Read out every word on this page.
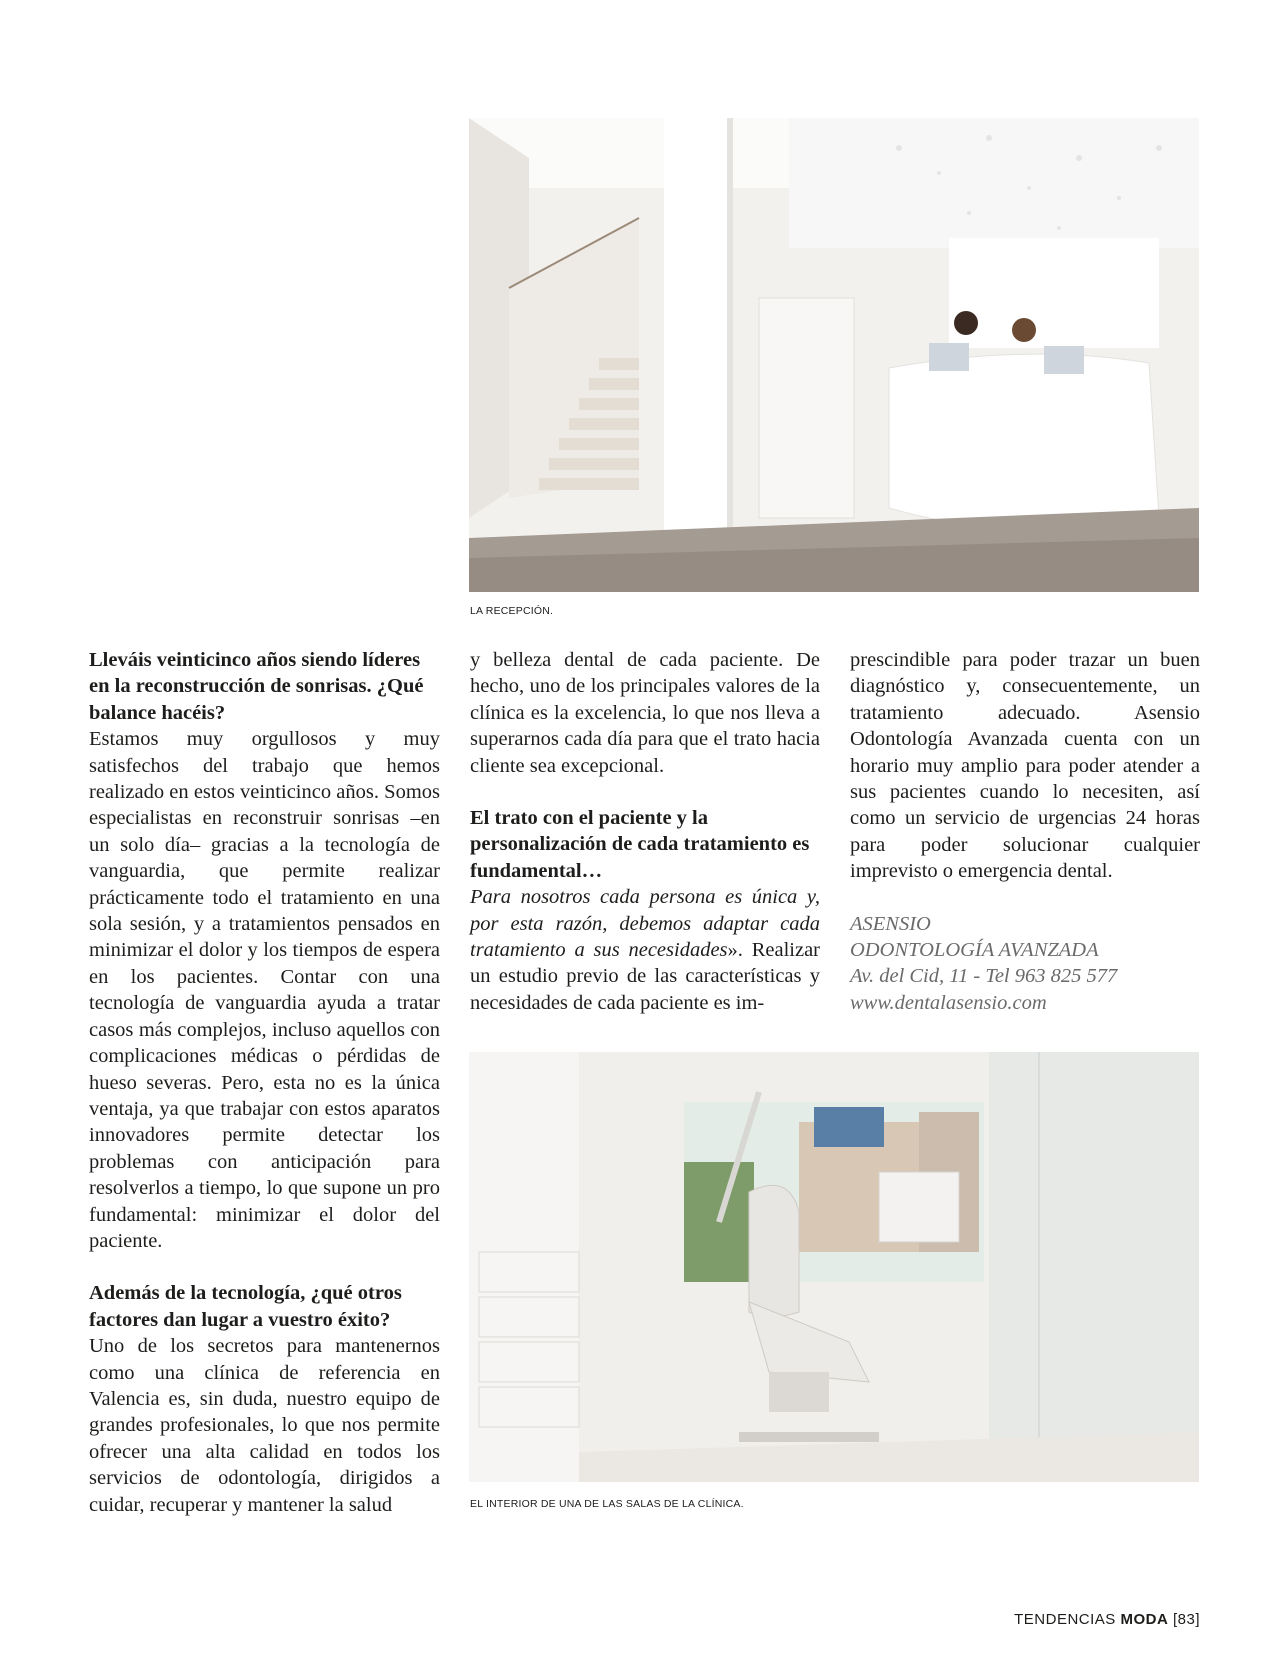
LA RECEPCIÓN.

Lleváis veinticinco años siendo líderes en la reconstrucción de sonrisas. ¿Qué balance hacéis?

Estamos muy orgullosos y muy satisfechos del trabajo que hemos realizado en estos veinticinco años. Somos especialistas en reconstruir sonrisas –en un solo día– gracias a la tecnología de vanguardia, que permite realizar prácticamente todo el tratamiento en una sola sesión, y a tratamientos pensados en minimizar el dolor y los tiempos de espera en los pacientes. Contar con una tecnología de vanguardia ayuda a tratar casos más complejos, incluso aquellos con complicaciones médicas o pérdidas de hueso severas. Pero, esta no es la única ventaja, ya que trabajar con estos aparatos innovadores permite detectar los problemas con anticipación para resolverlos a tiempo, lo que supone un pro fundamental: minimizar el dolor del paciente.

Además de la tecnología, ¿qué otros factores dan lugar a vuestro éxito?

Uno de los secretos para mantenernos como una clínica de referencia en Valencia es, sin duda, nuestro equipo de grandes profesionales, lo que nos permite ofrecer una alta calidad en todos los servicios de odontología, dirigidos a cuidar, recuperar y mantener la salud

y belleza dental de cada paciente. De hecho, uno de los principales valores de la clínica es la excelencia, lo que nos lleva a superarnos cada día para que el trato hacia cliente sea excepcional.

El trato con el paciente y la personalización de cada tratamiento es fundamental…

Para nosotros cada persona es única y, por esta razón, debemos adaptar cada tratamiento a sus necesidades». Realizar un estudio previo de las características y necesidades de cada paciente es im-

prescindible para poder trazar un buen diagnóstico y, consecuentemente, un tratamiento adecuado. Asensio Odontología Avanzada cuenta con un horario muy amplio para poder atender a sus pacientes cuando lo necesiten, así como un servicio de urgencias 24 horas para poder solucionar cualquier imprevisto o emergencia dental.

ASENSIO

ODONTOLOGÍA AVANZADA

Av. del Cid, 11 - Tel 963 825 577

www.dentalasensio.com

EL INTERIOR DE UNA DE LAS SALAS DE LA CLÍNICA.
TENDENCIAS MODA [83]
